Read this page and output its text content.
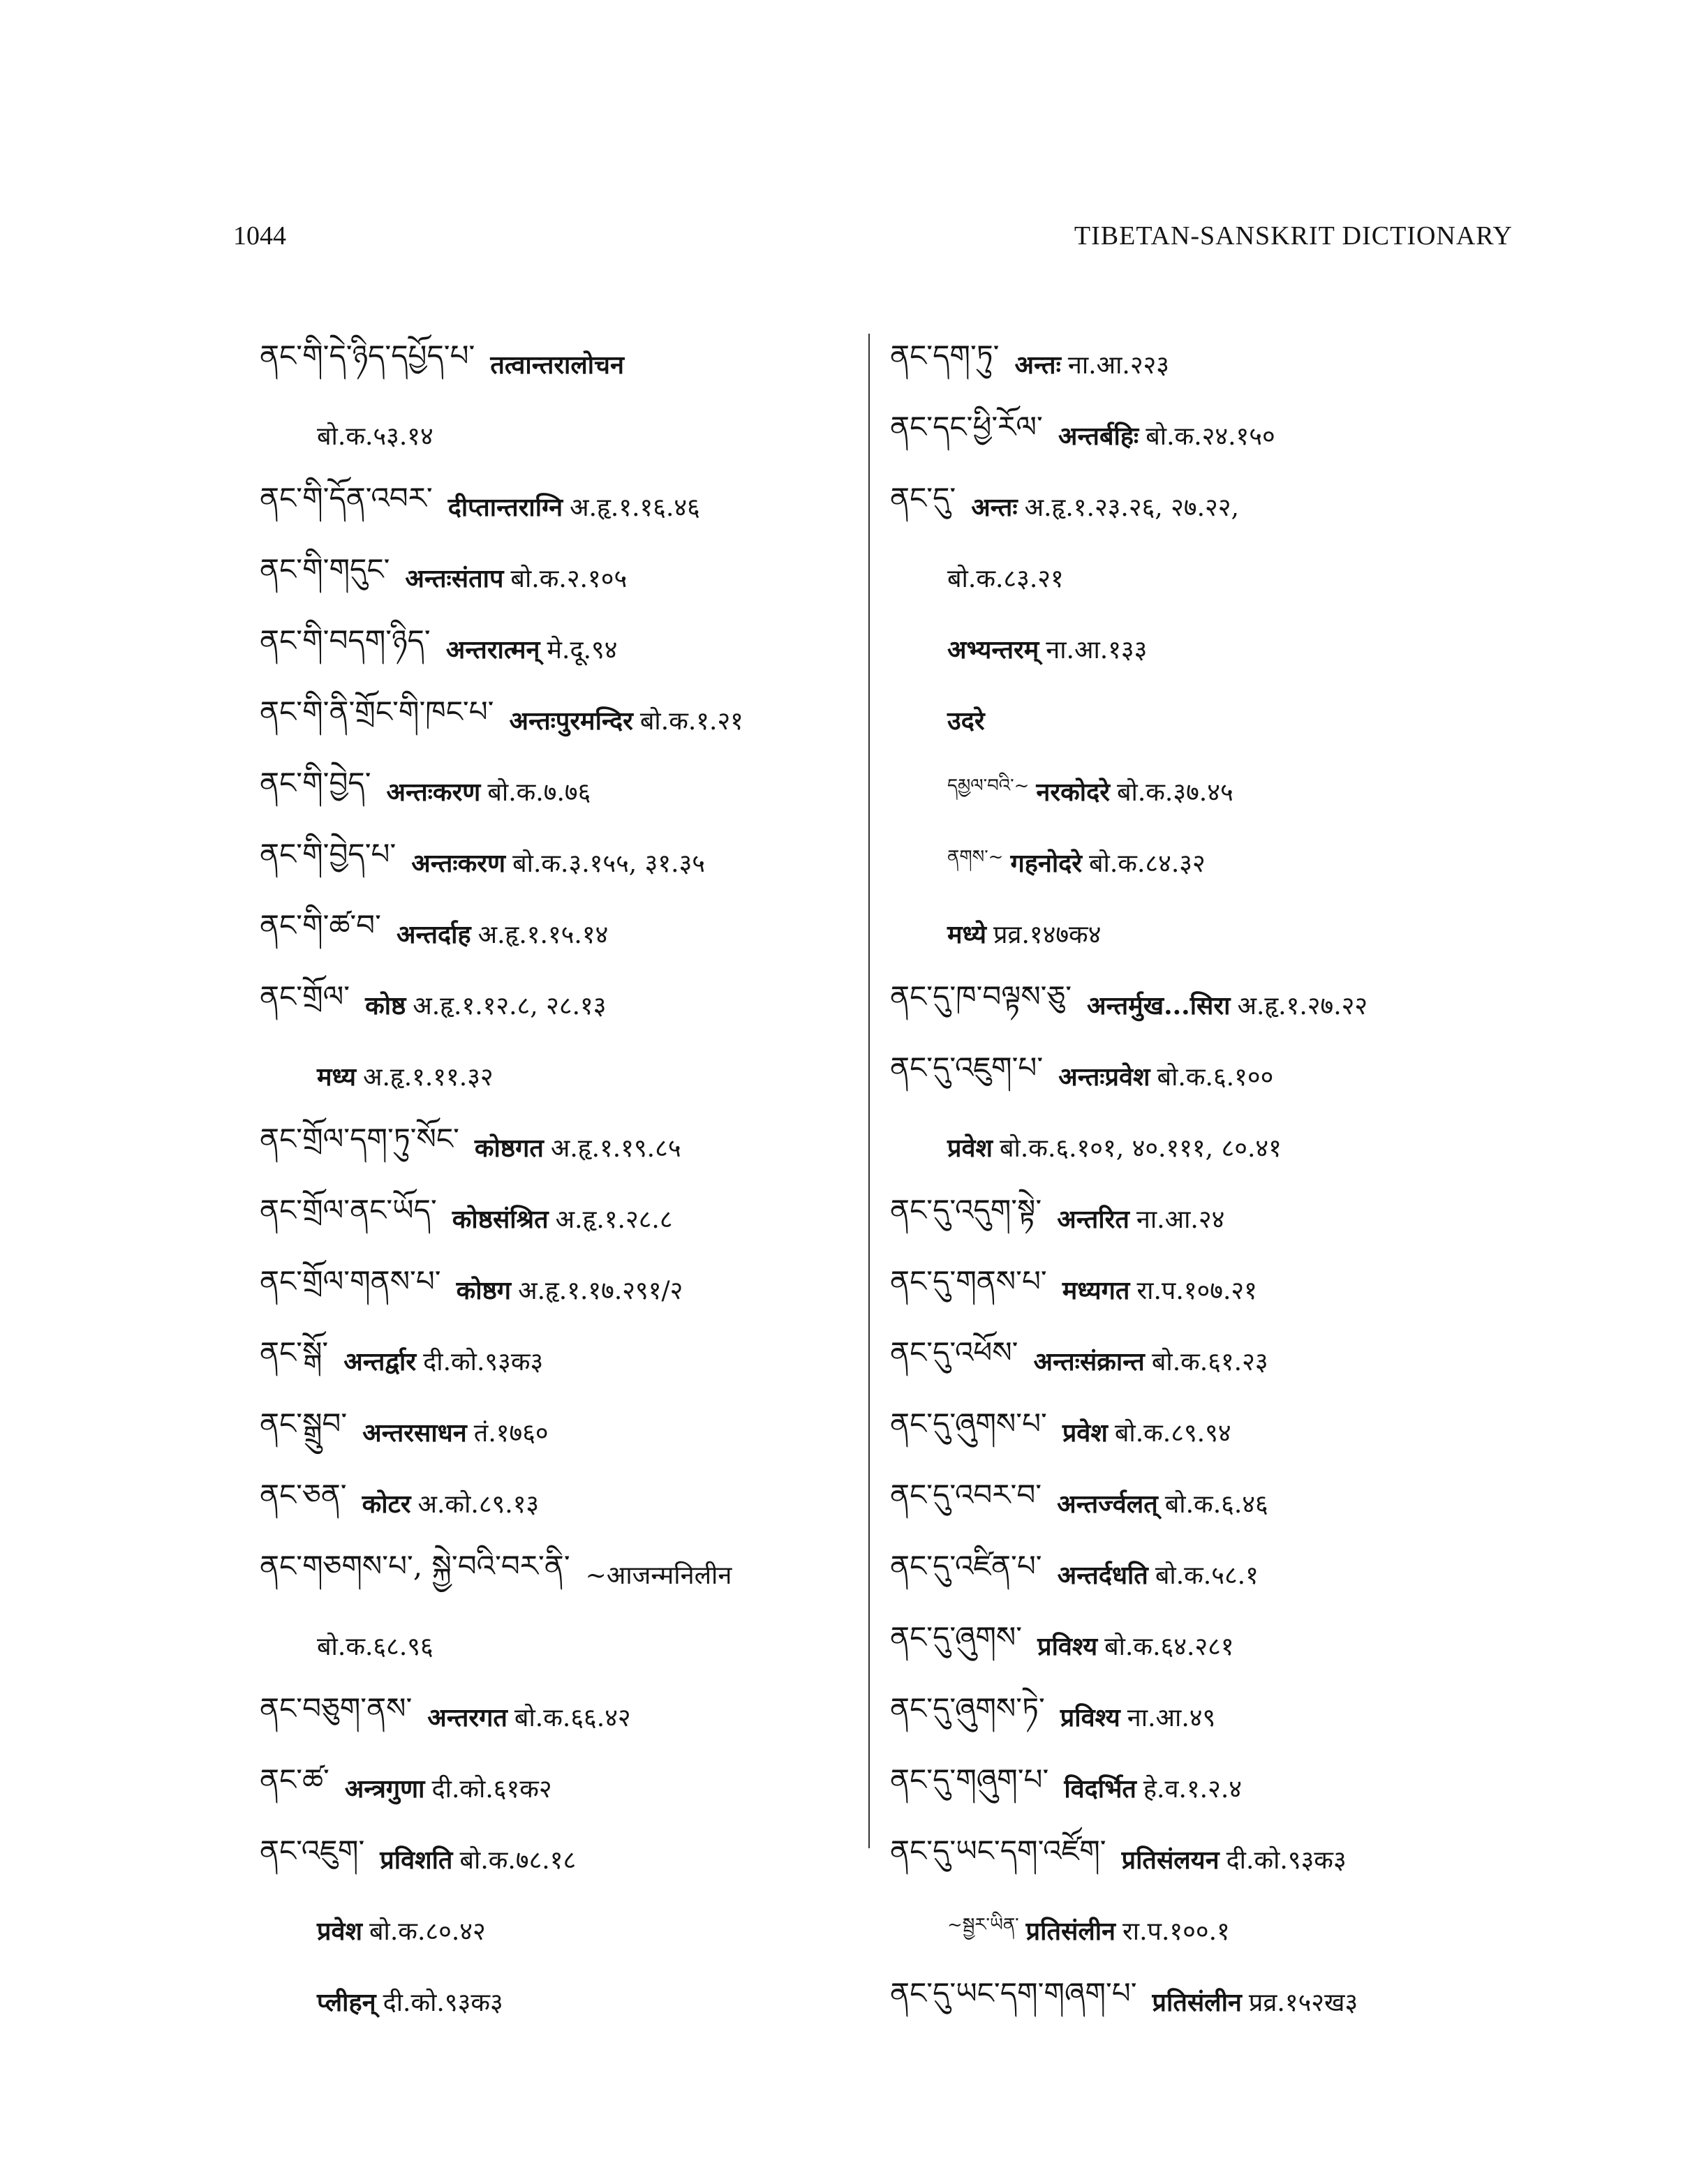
1044	TIBETAN-SANSKRIT DICTIONARY
ནང་གི་དེ་ཉིད་དཔྱོད་པ་ तत्वान्तरालोचन
बो.क.५३.१४
ནང་གི་དོན་འབར་ दीप्तान्तराग्नि अ.हृ.१.१६.४६
ནང་གི་གདུང་ अन्तःसंताप बो.क.२.१०५
ནང་གི་བདག་ཉིད་ अन्तरात्मन् मे.दू.९४
ནང་གི་ནི་གྲོང་གི་ཁང་པ་ अन्तःपुरमन्दिर बो.क.१.२१
ནང་གི་བྱེད་ अन्तःकरण बो.क.७.७६
ནང་གི་བྱེད་པ་ अन्तःकरण बो.क.३.१५५, ३१.३५
ནང་གི་ཚ་བ་ अन्तर्दाह अ.हृ.१.१५.१४
ནང་གྲོལ་ कोष्ठ अ.हृ.१.१२.८, २८.१३
मध्य अ.हृ.१.११.३२
ནང་གྲོལ་དག་ཏུ་སོང་ कोष्ठगत अ.हृ.१.१९.८५
ནང་གྲོལ་ནང་ཡོད་ कोष्ठसंश्रित अ.हृ.१.२८.८
ནང་གྲོལ་གནས་པ་ कोष्ठग अ.हृ.१.१७.२९१/२
ནང་སྒོ་ अन्तर्द्वार दी.को.९३क३
ནང་སྒྲུབ་ अन्तरसाधन तं.१७६०
ནང་ཅན་ कोटर अ.को.८९.१३
ནང་གཅགས་པ་, སྐྱེ་བའི་བར་ནི་ ~आजन्मनिलीन
बो.क.६८.९६
ནང་བཅུག་ནས་ अन्तरगत बो.क.६६.४२
ནང་ཚ་ अन्त्रगुणा दी.को.६१क२
ནང་འཇུག་ प्रविशति बो.क.७८.१८
प्रवेश बो.क.८०.४२
प्लीहन् दी.को.९३क३
ནང་དག་ཏུ་ अन्तः ना.आ.२२३
ནང་དང་ཕྱི་རོལ་ अन्तर्बहिः बो.क.२४.१५०
ནང་དུ་ अन्तः अ.हृ.१.२३.२६, २७.२२,
बो.क.८३.२१
अभ्यन्तरम् ना.आ.१३३
उदरे
དམྱལ་བའི་~ नरकोदरे बो.क.३७.४५
ནགས་~ गहनोदरे बो.क.८४.३२
मध्ये प्रव्र.१४७क४
ནང་དུ་ཁ་བལྟས་ཅུ་ अन्तर्मुख...सिरा अ.हृ.१.२७.२२
ནང་དུ་འཇུག་པ་ अन्तःप्रवेश बो.क.६.१००
प्रवेश बो.क.६.१०१, ४०.१११, ८०.४१
ནང་དུ་འདུག་སྟེ་ अन्तरित ना.आ.२४
ནང་དུ་གནས་པ་ मध्यगत रा.प.१०७.२१
ནང་དུ་འཕོས་ अन्तःसंक्रान्त बो.क.६१.२३
ནང་དུ་ཞུགས་པ་ प्रवेश बो.क.८९.९४
ནང་དུ་འབར་བ་ अन्तर्ज्वलत् बो.क.६.४६
ནང་དུ་འཛིན་པ་ अन्तर्दधति बो.क.५८.१
ནང་དུ་ཞུགས་ प्रविश्य बो.क.६४.२८१
ནང་དུ་ཞུགས་ཏེ་ प्रविश्य ना.आ.४९
ནང་དུ་གཞུག་པ་ विदर्भित हे.व.१.२.४
ནང་དུ་ཡང་དག་འཛོག་ प्रतिसंलयन दी.को.९३क३
~སྦྱར་ཡིན་ प्रतिसंलीन रा.प.१००.१
ནང་དུ་ཡང་དག་གཞག་པ་ प्रतिसंलीन प्रव्र.१५२ख३
